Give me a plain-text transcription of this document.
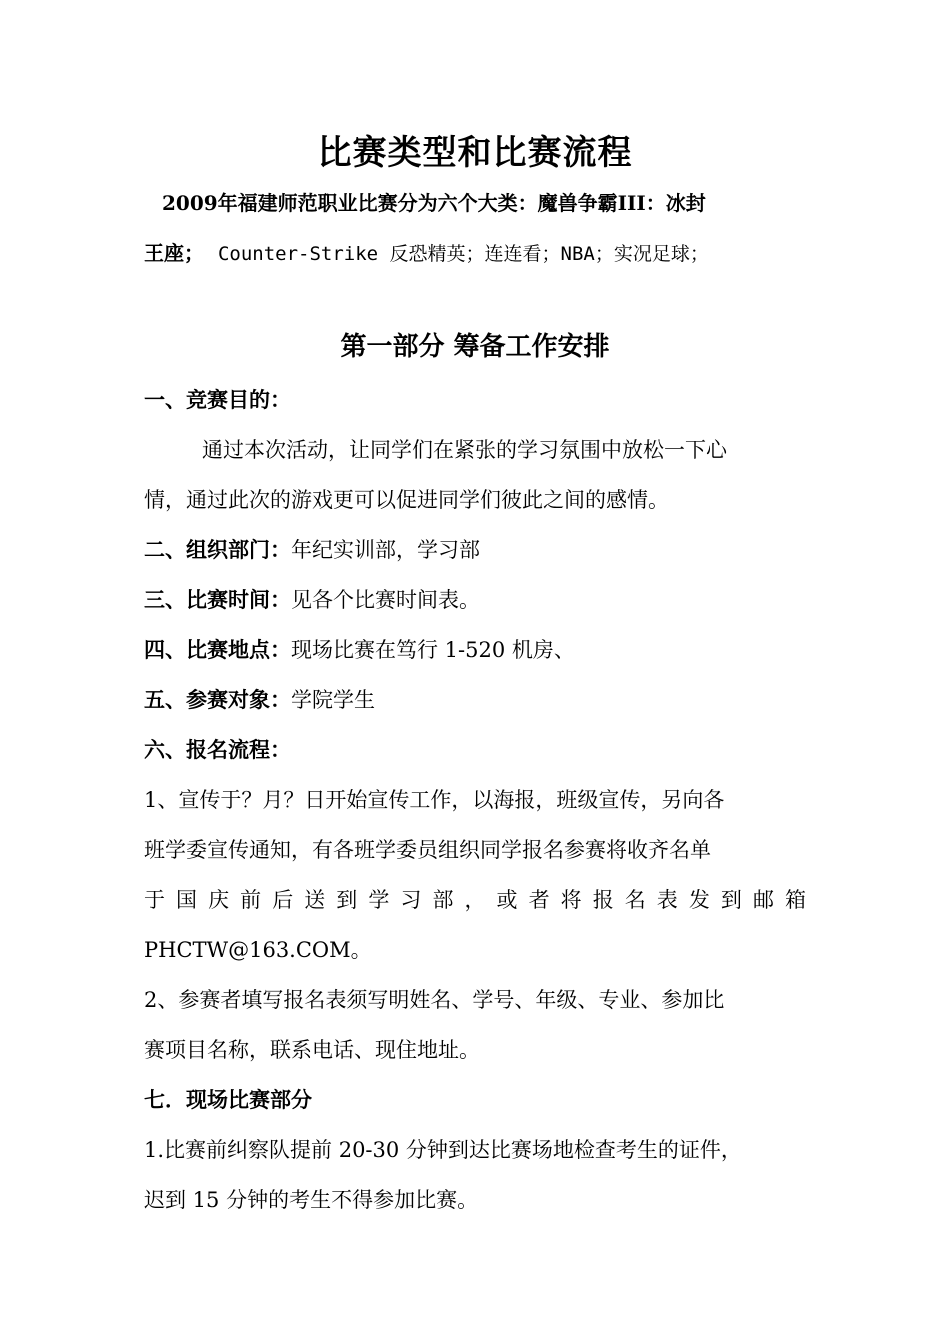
比赛类型和比赛流程

2009年福建师范职业比赛分为六个大类：魔兽争霸III：冰封

王座； Counter-Strike 反恐精英；连连看；NBA；实况足球；

第一部分 筹备工作安排

一、竞赛目的：

通过本次活动，让同学们在紧张的学习氛围中放松一下心

情，通过此次的游戏更可以促进同学们彼此之间的感情。

二、组织部门：年纪实训部，学习部

三、比赛时间：见各个比赛时间表。

四、比赛地点：现场比赛在笃行 1-520 机房、

五、参赛对象：学院学生

六、报名流程：

1、宣传于？月？日开始宣传工作，以海报，班级宣传，另向各

班学委宣传通知，有各班学委员组织同学报名参赛将收齐名单

于国庆前后送到学习部，或者将报名表发到邮箱

PHCTW@163.COM。

2、参赛者填写报名表须写明姓名、学号、年级、专业、参加比

赛项目名称，联系电话、现住地址。

七．现场比赛部分

1.比赛前纠察队提前 20-30 分钟到达比赛场地检查考生的证件，

迟到 15 分钟的考生不得参加比赛。
